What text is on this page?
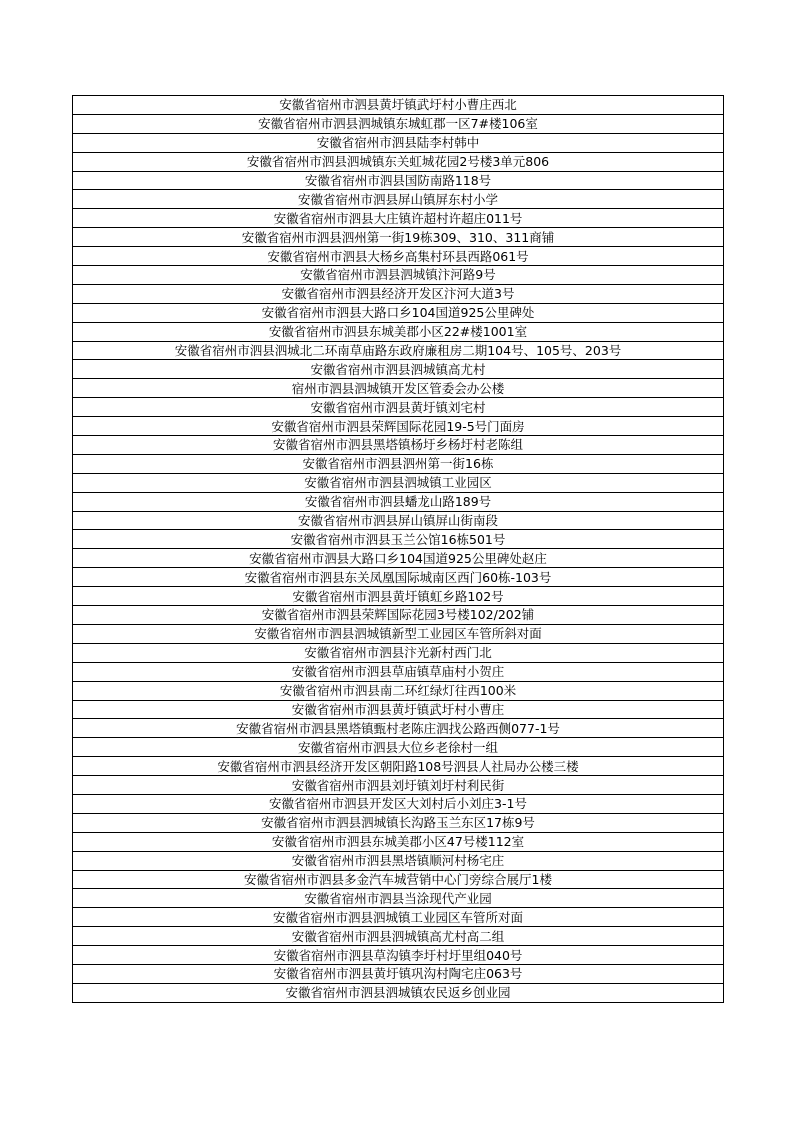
安徽省宿州市泗县黄圩镇武圩村小曹庄西北
安徽省宿州市泗县泗城镇东城虹郡一区7#楼106室
安徽省宿州市泗县陆李村韩中
安徽省宿州市泗县泗城镇东关虹城花园2号楼3单元806
安徽省宿州市泗县国防南路118号
安徽省宿州市泗县屏山镇屏东村小学
安徽省宿州市泗县大庄镇许超村许超庄011号
安徽省宿州市泗县泗州第一街19栋309、310、311商铺
安徽省宿州市泗县大杨乡高集村环县西路061号
安徽省宿州市泗县泗城镇汴河路9号
安徽省宿州市泗县经济开发区汴河大道3号
安徽省宿州市泗县大路口乡104国道925公里碑处
安徽省宿州市泗县东城美郡小区22#楼1001室
安徽省宿州市泗县泗城北二环南草庙路东政府廉租房二期104号、105号、203号
安徽省宿州市泗县泗城镇高尤村
宿州市泗县泗城镇开发区管委会办公楼
安徽省宿州市泗县黄圩镇刘宅村
安徽省宿州市泗县荣辉国际花园19-5号门面房
安徽省宿州市泗县黑塔镇杨圩乡杨圩村老陈组
安徽省宿州市泗县泗州第一街16栋
安徽省宿州市泗县泗城镇工业园区
安徽省宿州市泗县蟠龙山路189号
安徽省宿州市泗县屏山镇屏山街南段
安徽省宿州市泗县玉兰公馆16栋501号
安徽省宿州市泗县大路口乡104国道925公里碑处赵庄
安徽省宿州市泗县东关凤凰国际城南区西门60栋-103号
安徽省宿州市泗县黄圩镇虹乡路102号
安徽省宿州市泗县荣辉国际花园3号楼102/202铺
安徽省宿州市泗县泗城镇新型工业园区车管所斜对面
安徽省宿州市泗县汴光新村西门北
安徽省宿州市泗县草庙镇草庙村小贺庄
安徽省宿州市泗县南二环红绿灯往西100米
安徽省宿州市泗县黄圩镇武圩村小曹庄
安徽省宿州市泗县黑塔镇甄村老陈庄泗找公路西侧077-1号
安徽省宿州市泗县大位乡老徐村一组
安徽省宿州市泗县经济开发区朝阳路108号泗县人社局办公楼三楼
安徽省宿州市泗县刘圩镇刘圩村利民街
安徽省宿州市泗县开发区大刘村后小刘庄3-1号
安徽省宿州市泗县泗城镇长沟路玉兰东区17栋9号
安徽省宿州市泗县东城美郡小区47号楼112室
安徽省宿州市泗县黑塔镇顺河村杨宅庄
安徽省宿州市泗县多金汽车城营销中心门旁综合展厅1楼
安徽省宿州市泗县当涂现代产业园
安徽省宿州市泗县泗城镇工业园区车管所对面
安徽省宿州市泗县泗城镇高尤村高二组
安徽省宿州市泗县草沟镇李圩村圩里组040号
安徽省宿州市泗县黄圩镇巩沟村陶宅庄063号
安徽省宿州市泗县泗城镇农民返乡创业园
